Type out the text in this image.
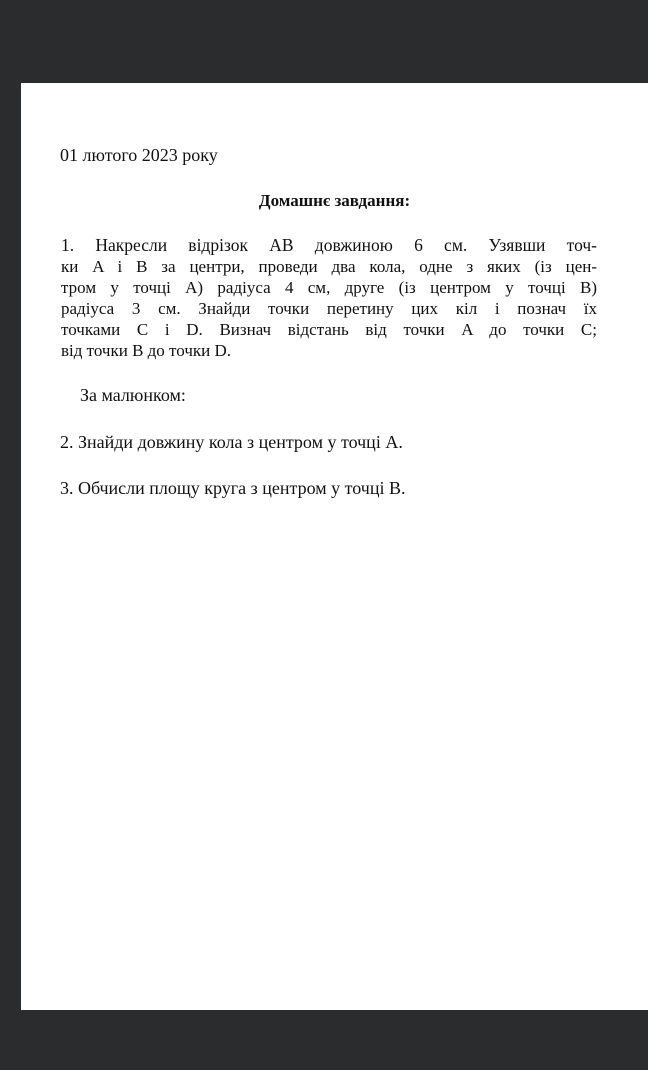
01 лютого 2023 року
Домашнє завдання:
1. Накресли відрізок АВ довжиною 6 см. Узявши точ-
ки A і B за центри, проведи два кола, одне з яких (із цен-
тром у точці A) радіуса 4 см, друге (із центром у точці B)
радіуса 3 см. Знайди точки перетину цих кіл і познач їх
точками C і D. Визнач відстань від точки A до точки C;
від точки B до точки D.
За малюнком:
2. Знайди довжину кола з центром у точці А.
3. Обчисли площу круга з центром у точці В.
